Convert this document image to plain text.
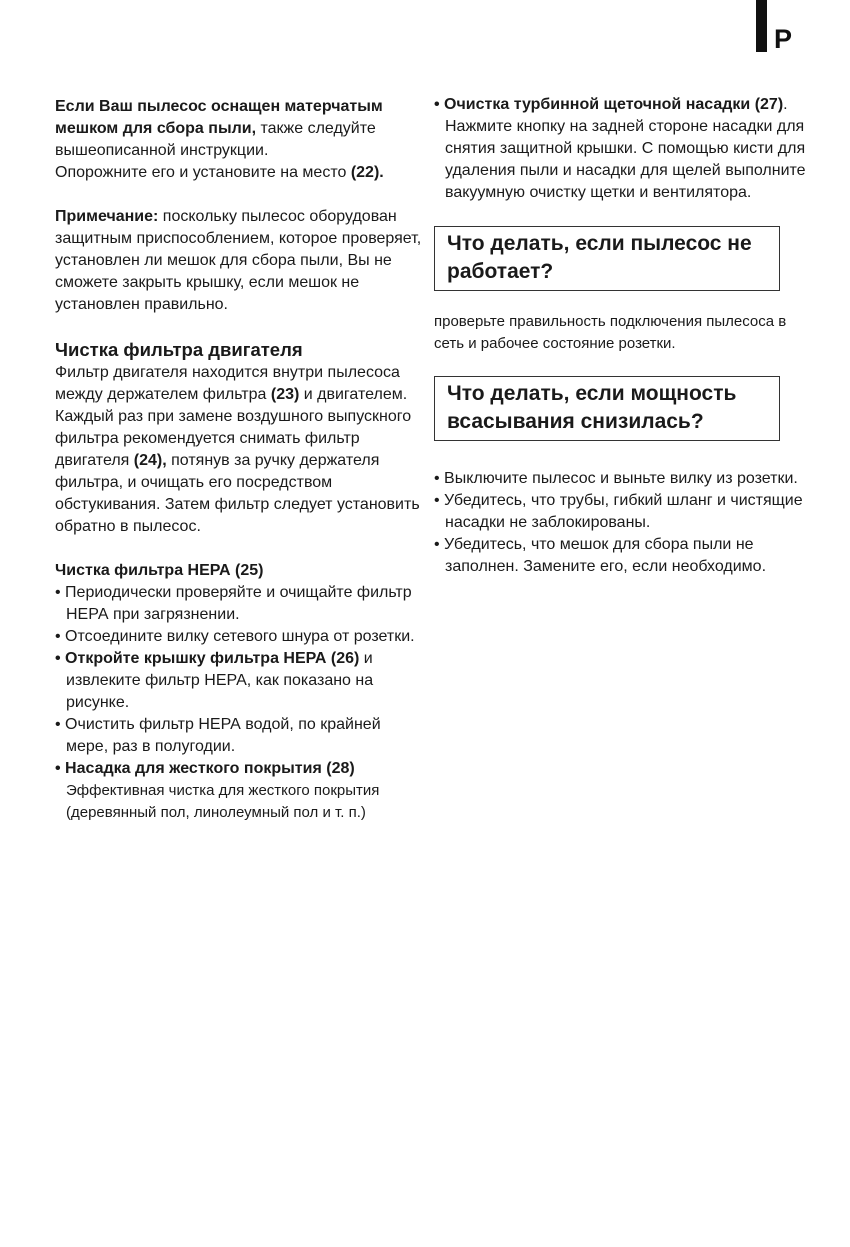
P

Если Ваш пылесос оснащен матерчатым мешком для сбора пыли, также следуйте вышеописанной инструкции.

Опорожните его и установите на место (22).

Примечание: поскольку пылесос оборудован защитным приспособлением, которое проверяет, установлен ли мешок для сбора пыли, Вы не сможете закрыть крышку, если мешок не установлен правильно.

Чистка фильтра двигателя

Фильтр двигателя находится внутри пылесоса между держателем фильтра (23) и двигателем. Каждый раз при замене воздушного выпускного фильтра рекомендуется снимать фильтр двигателя (24), потянув за ручку держателя фильтра, и очищать его посредством обстукивания. Затем фильтр следует установить обратно в пылесос.

Чистка фильтра НЕРА (25)

• Периодически проверяйте и очищайте фильтр НЕРА при загрязнении.

• Отсоедините вилку сетевого шнура от розетки.

• Откройте крышку фильтра НЕРА (26) и извлеките фильтр НЕРА, как показано на рисунке.

• Очистить фильтр НЕРА водой, по крайней мере, раз в полугодии.

• Насадка для жесткого покрытия (28)

Эффективная чистка для жесткого покрытия (деревянный пол, линолеумный пол и т. п.)

• Очистка турбинной щеточной насадки (27).

Нажмите кнопку на задней стороне насадки для снятия защитной крышки. С помощью кисти для удаления пыли и насадки для щелей выполните вакуумную очистку щетки и вентилятора.

Что делать, если пылесос не работает?

проверьте правильность подключения пылесоса в сеть и рабочее состояние розетки.

Что делать, если мощность всасывания снизилась?

• Выключите пылесос и выньте вилку из розетки.

• Убедитесь, что трубы, гибкий шланг и чистящие насадки не заблокированы.

• Убедитесь, что мешок для сбора пыли не заполнен. Замените его, если необходимо.
